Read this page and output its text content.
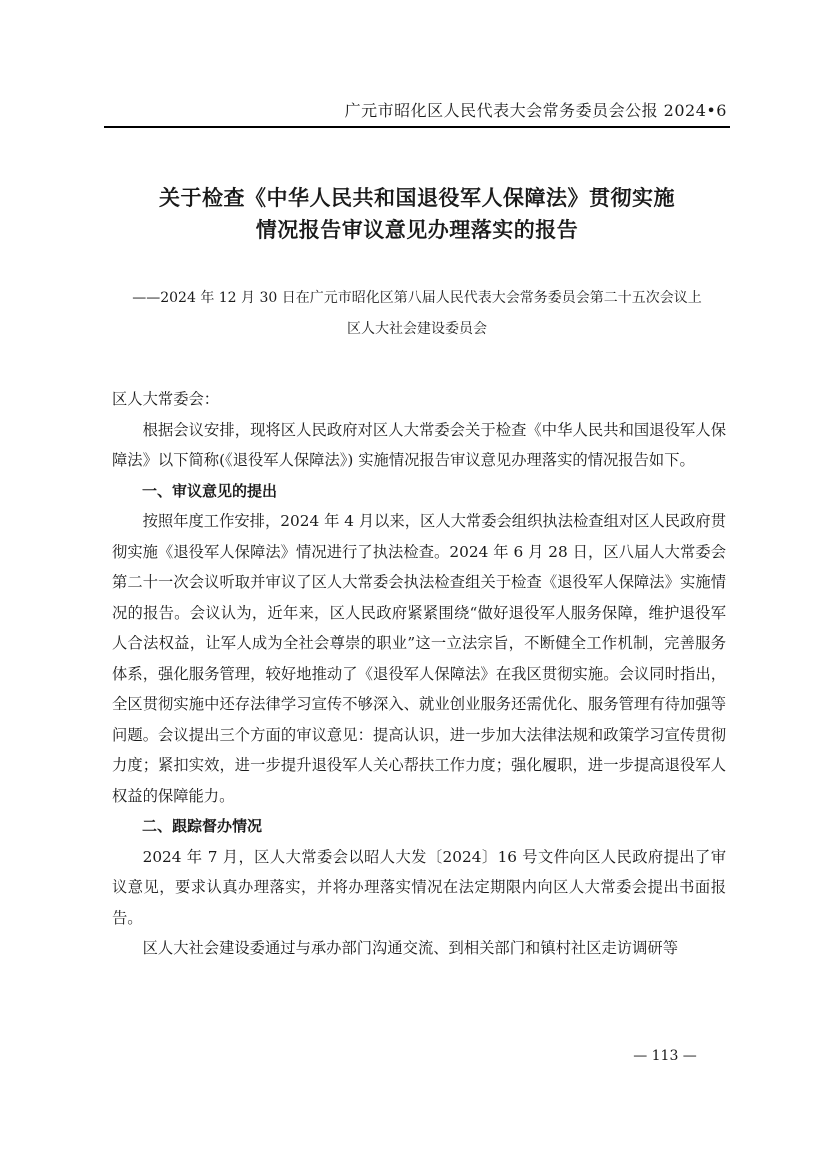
广元市昭化区人民代表大会常务委员会公报 2024•6
关于检查《中华人民共和国退役军人保障法》贯彻实施
情况报告审议意见办理落实的报告
——2024 年 12 月 30 日在广元市昭化区第八届人民代表大会常务委员会第二十五次会议上
区人大社会建设委员会

区人大常委会：

根据会议安排，现将区人民政府对区人大常委会关于检查《中华人民共和国退役军人保障法》以下简称(《退役军人保障法》) 实施情况报告审议意见办理落实的情况报告如下。

一、审议意见的提出

按照年度工作安排，2024 年 4 月以来，区人大常委会组织执法检查组对区人民政府贯彻实施《退役军人保障法》情况进行了执法检查。2024 年 6 月 28 日，区八届人大常委会第二十一次会议听取并审议了区人大常委会执法检查组关于检查《退役军人保障法》实施情况的报告。会议认为，近年来，区人民政府紧紧围绕“做好退役军人服务保障，维护退役军人合法权益，让军人成为全社会尊崇的职业”这一立法宗旨，不断健全工作机制，完善服务体系，强化服务管理，较好地推动了《退役军人保障法》在我区贯彻实施。会议同时指出，全区贯彻实施中还存法律学习宣传不够深入、就业创业服务还需优化、服务管理有待加强等问题。会议提出三个方面的审议意见：提高认识，进一步加大法律法规和政策学习宣传贯彻力度；紧扣实效，进一步提升退役军人关心帮扶工作力度；强化履职，进一步提高退役军人权益的保障能力。

二、跟踪督办情况

2024 年 7 月，区人大常委会以昭人大发〔2024〕16 号文件向区人民政府提出了审议意见，要求认真办理落实，并将办理落实情况在法定期限内向区人大常委会提出书面报告。

区人大社会建设委通过与承办部门沟通交流、到相关部门和镇村社区走访调研等

— 113 —
